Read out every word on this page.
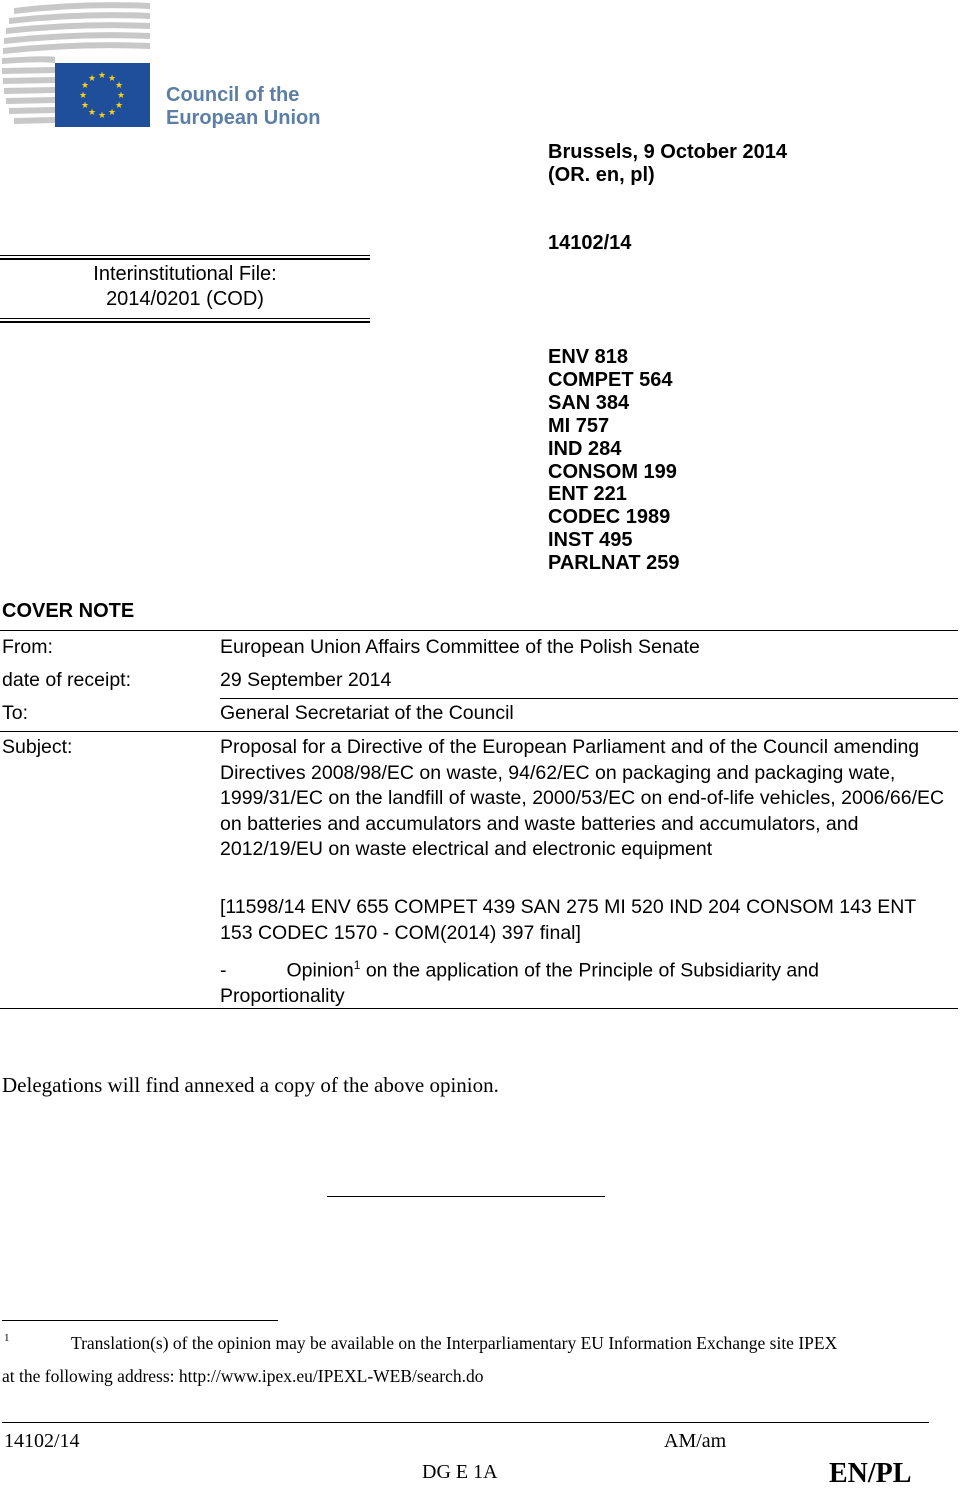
★ ★
★
★
★
★
★
★
★
★
★
★
Council of the
European Union
Brussels, 9 October 2014
(OR. en, pl)
14102/14
ENV 818
COMPET 564
SAN 384
MI 757
IND 284
CONSOM 199
ENT 221
CODEC 1989
INST 495
PARLNAT 259
Interinstitutional File:
2014/0201 (COD)
COVER NOTE
From:	European Union Affairs Committee of the Polish Senate
date of receipt:	29 September 2014
To:	General Secretariat of the Council
Subject:	Proposal for a Directive of the European Parliament and of the Council amending Directives 2008/98/EC on waste, 94/62/EC on packaging and packaging wate, 1999/31/EC on the landfill of waste, 2000/53/EC on end-of-life vehicles, 2006/66/EC on batteries and accumulators and waste batteries and accumulators, and 2012/19/EU on waste electrical and electronic equipment
[11598/14 ENV 655 COMPET 439 SAN 275 MI 520 IND 204 CONSOM 143 ENT 153 CODEC 1570 - COM(2014) 397 final]
-	Opinion$^1$ on the application of the Principle of Subsidiarity and Proportionality
Delegations will find annexed a copy of the above opinion.
1	Translation(s) of the opinion may be available on the Interparliamentary EU Information Exchange site IPEX
at the following address: http://www.ipex.eu/IPEXL-WEB/search.do
14102/14	AM/am
DG E 1A	EN/PL
